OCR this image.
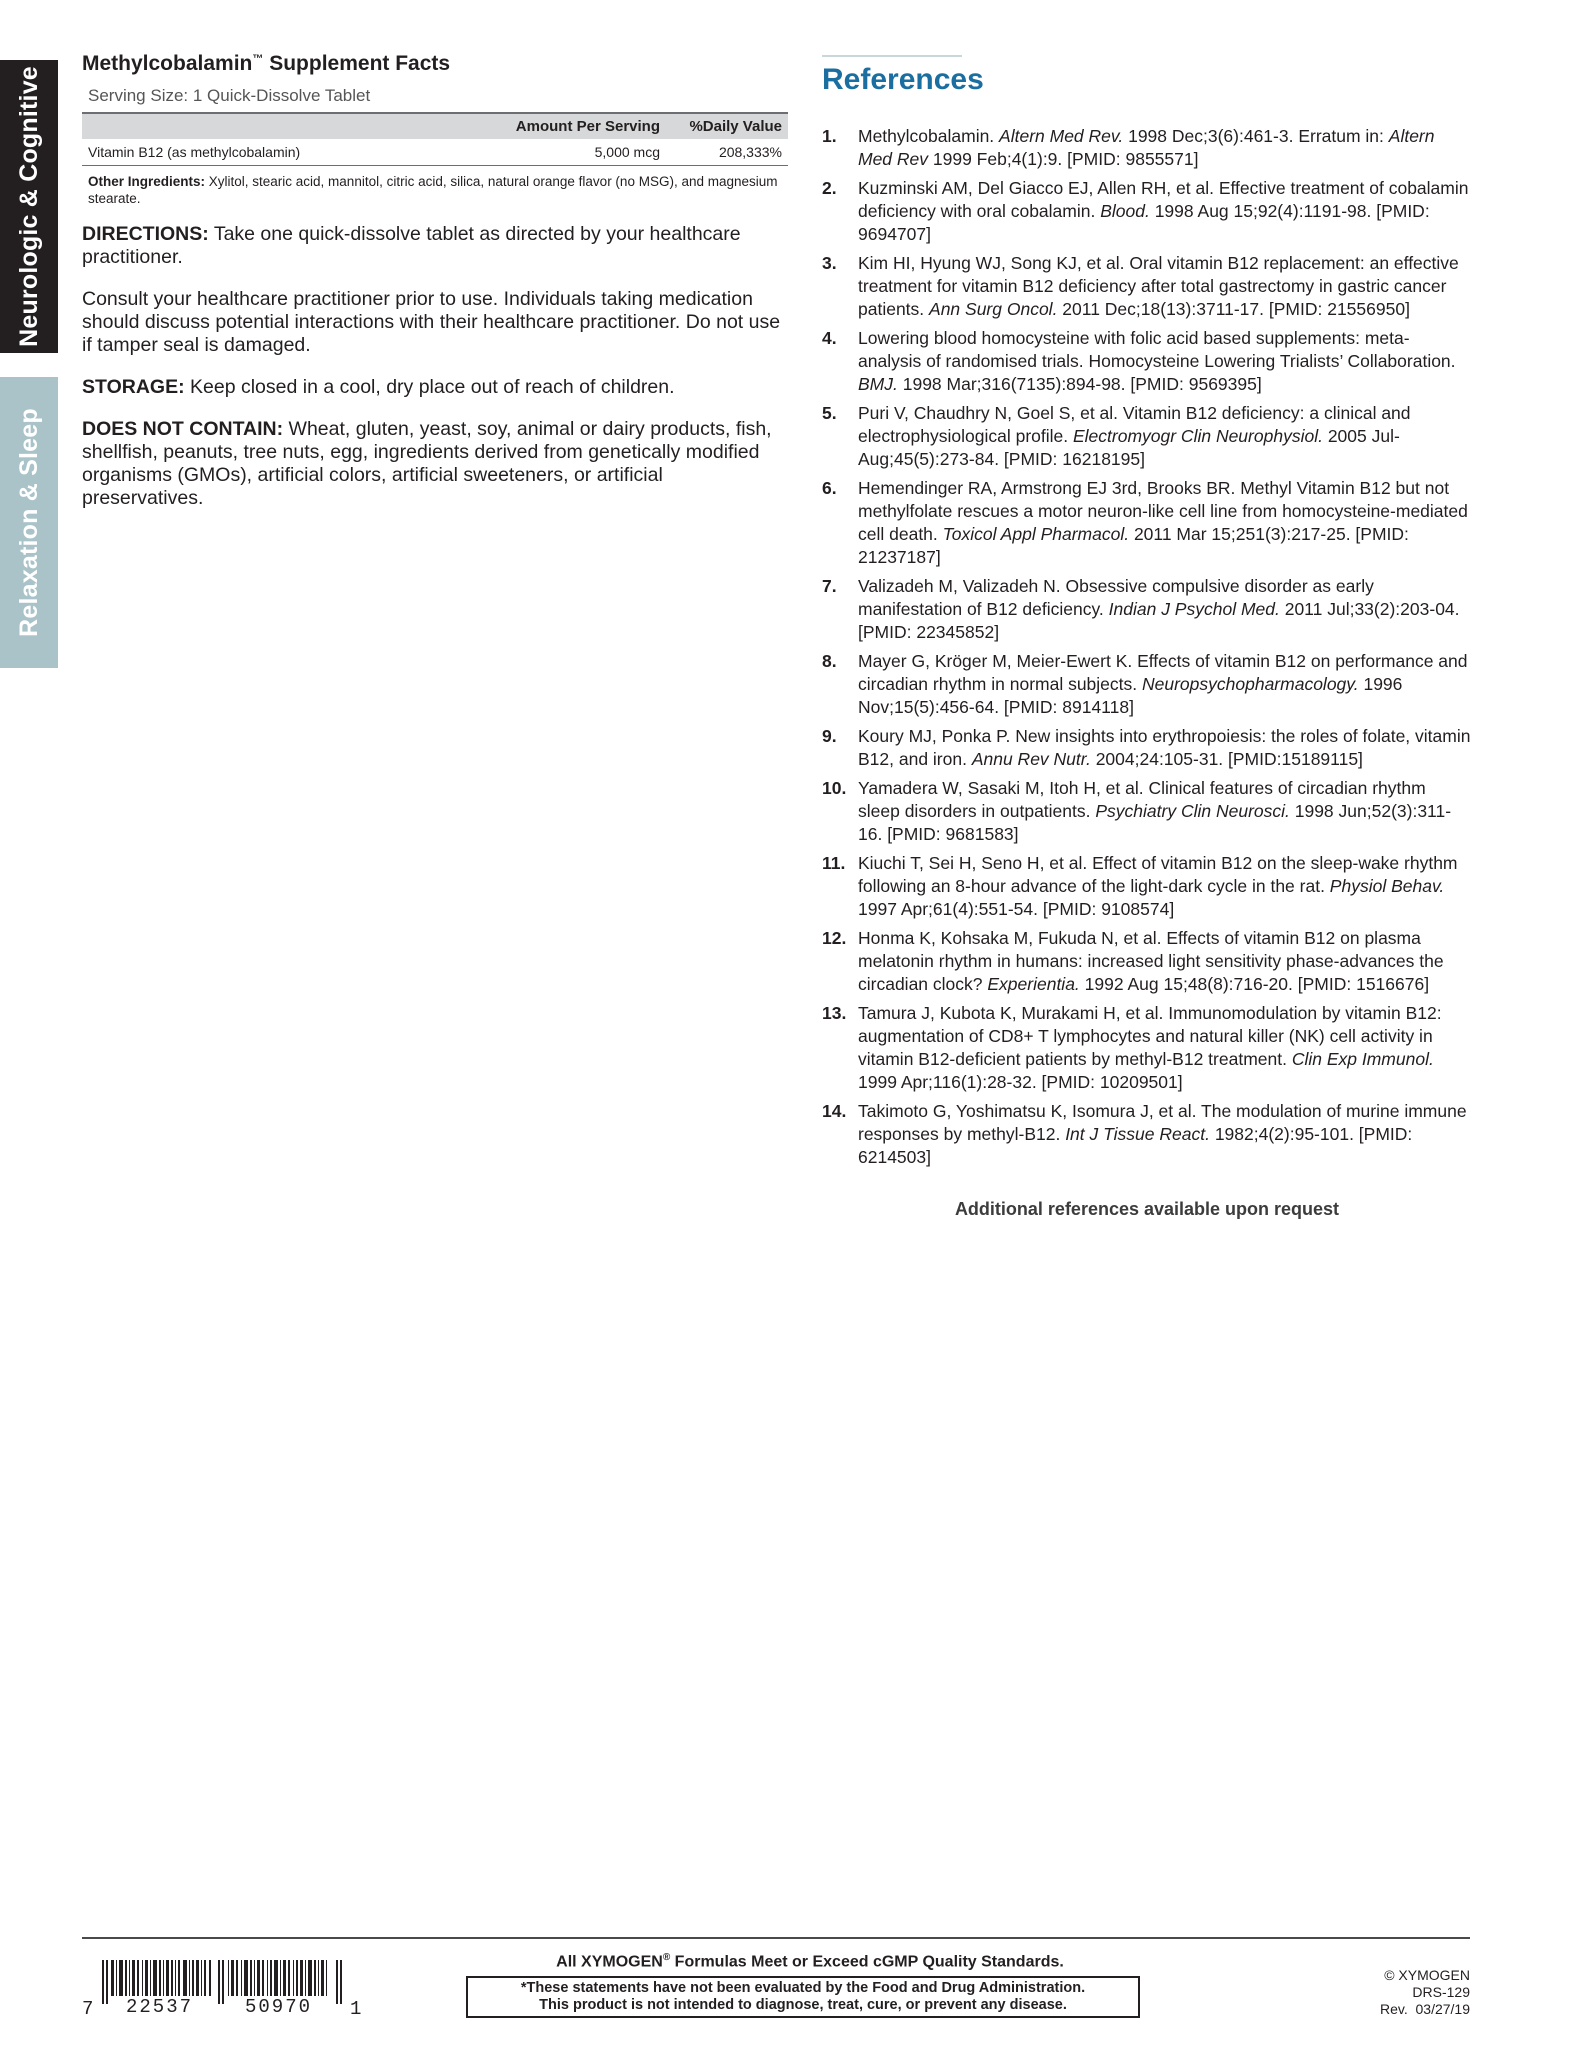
Neurologic & Cognitive
Relaxation & Sleep
Methylcobalamin™ Supplement Facts
Serving Size: 1 Quick-Dissolve Tablet
	Amount Per Serving	%Daily Value
Vitamin B12 (as methylcobalamin)	5,000 mcg	208,333%
Other Ingredients: Xylitol, stearic acid, mannitol, citric acid, silica, natural orange flavor (no MSG), and magnesium stearate.

DIRECTIONS: Take one quick-dissolve tablet as directed by your healthcare practitioner.

Consult your healthcare practitioner prior to use. Individuals taking medication should discuss potential interactions with their healthcare practitioner. Do not use if tamper seal is damaged.

STORAGE: Keep closed in a cool, dry place out of reach of children.

DOES NOT CONTAIN: Wheat, gluten, yeast, soy, animal or dairy products, fish, shellfish, peanuts, tree nuts, egg, ingredients derived from genetically modified organisms (GMOs), artificial colors, artificial sweeteners, or artificial preservatives.

References
1.	Methylcobalamin. Altern Med Rev. 1998 Dec;3(6):461-3. Erratum in: Altern Med Rev 1999 Feb;4(1):9. [PMID: 9855571]
2.	Kuzminski AM, Del Giacco EJ, Allen RH, et al. Effective treatment of cobalamin deficiency with oral cobalamin. Blood. 1998 Aug 15;92(4):1191-98. [PMID: 9694707]
3.	Kim HI, Hyung WJ, Song KJ, et al. Oral vitamin B12 replacement: an effective treatment for vitamin B12 deficiency after total gastrectomy in gastric cancer patients. Ann Surg Oncol. 2011 Dec;18(13):3711-17. [PMID: 21556950]
4.	Lowering blood homocysteine with folic acid based supplements: meta-analysis of randomised trials. Homocysteine Lowering Trialists’ Collaboration. BMJ. 1998 Mar;316(7135):894-98. [PMID: 9569395]
5.	Puri V, Chaudhry N, Goel S, et al. Vitamin B12 deficiency: a clinical and electrophysiological profile. Electromyogr Clin Neurophysiol. 2005 Jul-Aug;45(5):273-84. [PMID: 16218195]
6.	Hemendinger RA, Armstrong EJ 3rd, Brooks BR. Methyl Vitamin B12 but not methylfolate rescues a motor neuron-like cell line from homocysteine-mediated cell death. Toxicol Appl Pharmacol. 2011 Mar 15;251(3):217-25. [PMID: 21237187]
7.	Valizadeh M, Valizadeh N. Obsessive compulsive disorder as early manifestation of B12 deficiency. Indian J Psychol Med. 2011 Jul;33(2):203-04. [PMID: 22345852]
8.	Mayer G, Kröger M, Meier-Ewert K. Effects of vitamin B12 on performance and circadian rhythm in normal subjects. Neuropsychopharmacology. 1996 Nov;15(5):456-64. [PMID: 8914118]
9.	Koury MJ, Ponka P. New insights into erythropoiesis: the roles of folate, vitamin B12, and iron. Annu Rev Nutr. 2004;24:105-31. [PMID:15189115]
10. Yamadera W, Sasaki M, Itoh H, et al. Clinical features of circadian rhythm sleep disorders in outpatients. Psychiatry Clin Neurosci. 1998 Jun;52(3):311-16. [PMID: 9681583]
11. Kiuchi T, Sei H, Seno H, et al. Effect of vitamin B12 on the sleep-wake rhythm following an 8-hour advance of the light-dark cycle in the rat. Physiol Behav. 1997 Apr;61(4):551-54. [PMID: 9108574]
12. Honma K, Kohsaka M, Fukuda N, et al. Effects of vitamin B12 on plasma melatonin rhythm in humans: increased light sensitivity phase-advances the circadian clock? Experientia. 1992 Aug 15;48(8):716-20. [PMID: 1516676]
13. Tamura J, Kubota K, Murakami H, et al. Immunomodulation by vitamin B12: augmentation of CD8+ T lymphocytes and natural killer (NK) cell activity in vitamin B12-deficient patients by methyl-B12 treatment. Clin Exp Immunol. 1999 Apr;116(1):28-32. [PMID: 10209501]
14. Takimoto G, Yoshimatsu K, Isomura J, et al. The modulation of murine immune responses by methyl-B12. Int J Tissue React. 1982;4(2):95-101. [PMID: 6214503]
Additional references available upon request
7 22537	50970 1
All XYMOGEN® Formulas Meet or Exceed cGMP Quality Standards.
*These statements have not been evaluated by the Food and Drug Administration.
This product is not intended to diagnose, treat, cure, or prevent any disease.
© XYMOGEN
DRS-129
Rev.  03/27/19
